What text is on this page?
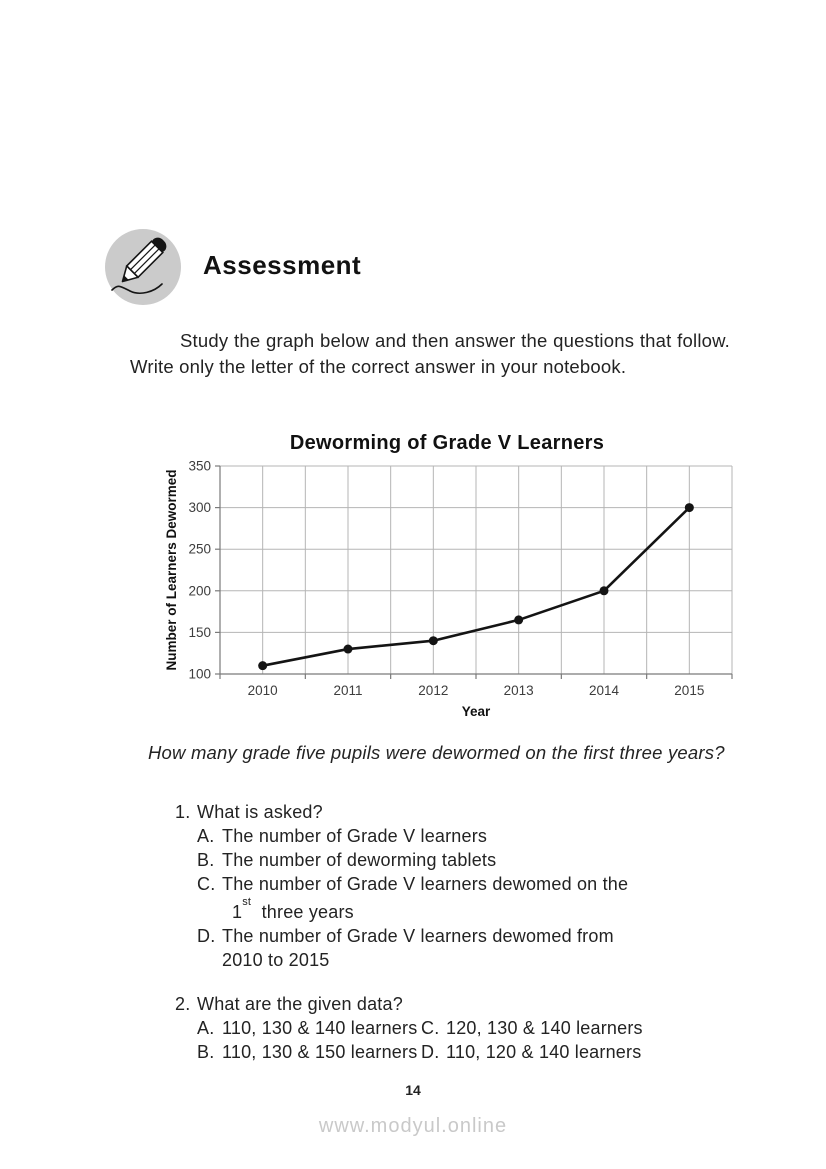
Assessment
Study the graph below and then answer the questions that follow. Write only the letter of the correct answer in your notebook.
100
150
200
250
300
350
2010	2011	2012	2013	2014	2015
Deworming of Grade V Learners
Number of Learners Dewormed
Year
How many grade five pupils were dewormed on the first three years?
1. What is asked?
A. The number of Grade V learners
B. The number of deworming tablets
C. The number of Grade V learners dewomed on the
1st  three years
D. The number of Grade V learners dewomed from
2010 to 2015
2. What are the given data?
A. 110, 130 & 140 learners C. 120, 130 & 140 learners
B. 110, 130 & 150 learners D. 110, 120 & 140 learners
14
www.modyul.online
